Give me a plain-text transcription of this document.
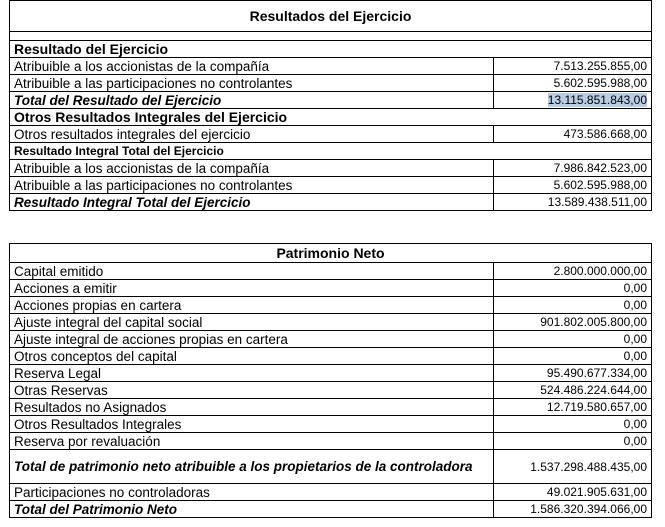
Resultados del Ejercicio	

Resultado del Ejercicio	
Atribuible a los accionistas de la compañía	7.513.255.855,00
Atribuible a las participaciones no controlantes	5.602.595.988,00
Total del Resultado del Ejercicio	13.115.851.843,00
Otros Resultados Integrales del Ejercicio	
Otros resultados integrales del ejercicio	473.586.668,00
Resultado Integral Total del Ejercicio	
Atribuible a los accionistas de la compañía	7.986.842.523,00
Atribuible a las participaciones no controlantes	5.602.595.988,00
Resultado Integral Total del Ejercicio	13.589.438.511,00
Patrimonio Neto	
Capital emitido	2.800.000.000,00
Acciones a emitir	0,00
Acciones propias en cartera	0,00
Ajuste integral del capital social	901.802.005.800,00
Ajuste integral de acciones propias en cartera	0,00
Otros conceptos del capital	0,00
Reserva Legal	95.490.677.334,00
Otras Reservas	524.486.224.644,00
Resultados no Asignados	12.719.580.657,00
Otros Resultados Integrales	0,00
Reserva por revaluación	0,00
Total de patrimonio neto atribuible a los propietarios de la controladora	1.537.298.488.435,00
Participaciones no controladoras	49.021.905.631,00
Total del Patrimonio Neto	1.586.320.394.066,00
